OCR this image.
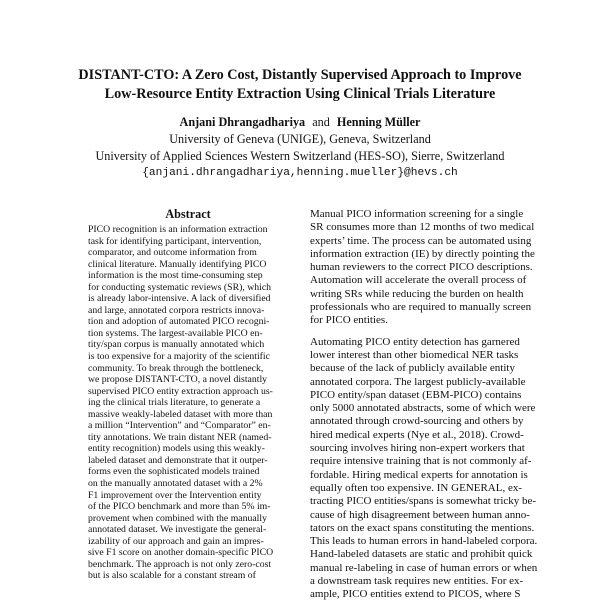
DISTANT-CTO: A Zero Cost, Distantly Supervised Approach to Improve
Low-Resource Entity Extraction Using Clinical Trials Literature
Anjani Dhrangadhariya and Henning Müller
University of Geneva (UNIGE), Geneva, Switzerland
University of Applied Sciences Western Switzerland (HES-SO), Sierre, Switzerland
{anjani.dhrangadhariya,henning.mueller}@hevs.ch
Abstract
PICO recognition is an information extraction
task for identifying participant, intervention,
comparator, and outcome information from
clinical literature. Manually identifying PICO
information is the most time-consuming step
for conducting systematic reviews (SR), which
is already labor-intensive. A lack of diversified
and large, annotated corpora restricts innova-
tion and adoption of automated PICO recogni-
tion systems. The largest-available PICO en-
tity/span corpus is manually annotated which
is too expensive for a majority of the scientific
community. To break through the bottleneck,
we propose DISTANT-CTO, a novel distantly
supervised PICO entity extraction approach us-
ing the clinical trials literature, to generate a
massive weakly-labeled dataset with more than
a million “Intervention” and “Comparator” en-
tity annotations. We train distant NER (named-
entity recognition) models using this weakly-
labeled dataset and demonstrate that it outper-
forms even the sophisticated models trained
on the manually annotated dataset with a 2%
F1 improvement over the Intervention entity
of the PICO benchmark and more than 5% im-
provement when combined with the manually
annotated dataset. We investigate the general-
izability of our approach and gain an impres-
sive F1 score on another domain-specific PICO
benchmark. The approach is not only zero-cost
but is also scalable for a constant stream of
Manual PICO information screening for a single
SR consumes more than 12 months of two medical
experts’ time. The process can be automated using
information extraction (IE) by directly pointing the
human reviewers to the correct PICO descriptions.
Automation will accelerate the overall process of
writing SRs while reducing the burden on health
professionals who are required to manually screen
for PICO entities.
Automating PICO entity detection has garnered
lower interest than other biomedical NER tasks
because of the lack of publicly available entity
annotated corpora. The largest publicly-available
PICO entity/span dataset (EBM-PICO) contains
only 5000 annotated abstracts, some of which were
annotated through crowd-sourcing and others by
hired medical experts (Nye et al., 2018). Crowd-
sourcing involves hiring non-expert workers that
require intensive training that is not commonly af-
fordable. Hiring medical experts for annotation is
equally often too expensive. IN GENERAL, ex-
tracting PICO entities/spans is somewhat tricky be-
cause of high disagreement between human anno-
tators on the exact spans constituting the mentions.
This leads to human errors in hand-labeled corpora.
Hand-labeled datasets are static and prohibit quick
manual re-labeling in case of human errors or when
a downstream task requires new entities. For ex-
ample, PICO entities extend to PICOS, where S
